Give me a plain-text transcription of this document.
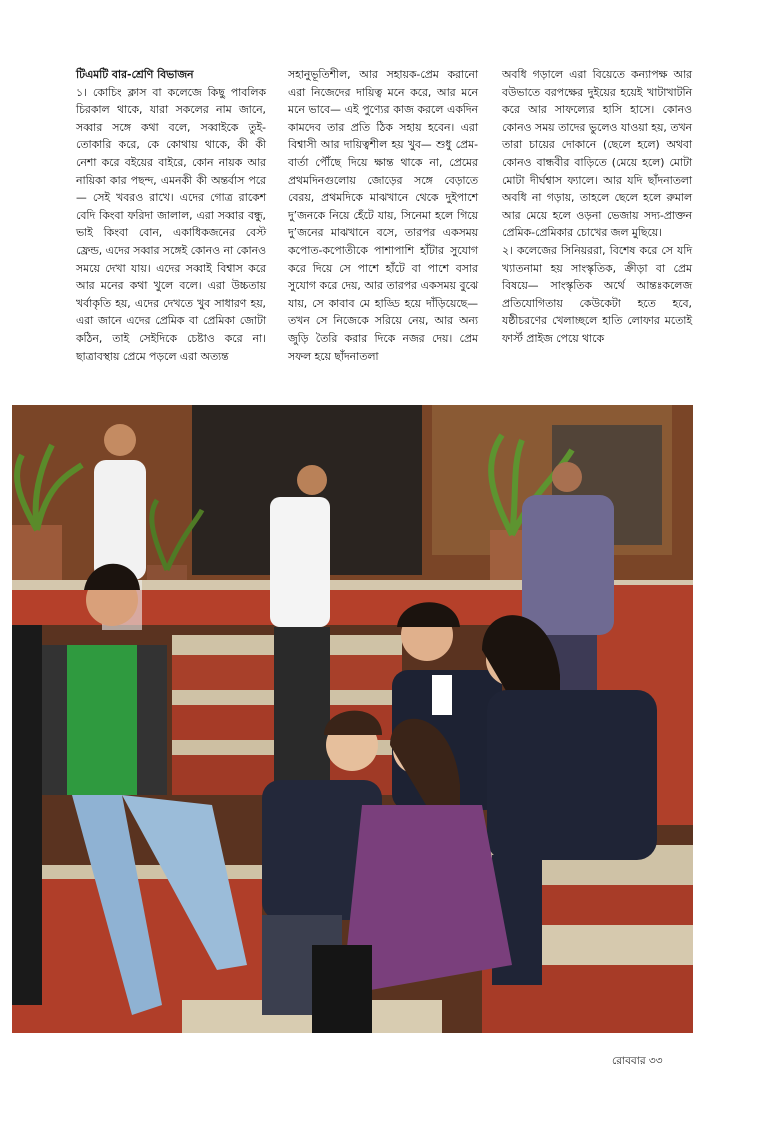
টিএমটি বার-শ্রেণি বিভাজন

১। কোচিং ক্লাস বা কলেজে কিছু পাবলিক চিরকাল থাকে, যারা সকলের নাম জানে, সব্বার সঙ্গে কথা বলে, সব্বাইকে তুই-তোকারি করে, কে কোথায় থাকে, কী কী নেশা করে বইয়ের বাইরে, কোন নায়ক আর নায়িকা কার পছন্দ, এমনকী কী অন্তর্বাস পরে— সেই খবরও রাখে। এদের গোত্র রাকেশ বেদি কিংবা ফরিদা জালাল, এরা সব্বার বন্ধু, ভাই কিংবা বোন, একাধিকজনের বেস্ট ফ্রেন্ড, এদের সব্বার সঙ্গেই কোনও না কোনও সময়ে দেখা যায়। এদের সব্বাই বিশ্বাস করে আর মনের কথা খুলে বলে। এরা উচ্চতায় খর্বাকৃতি হয়, এদের দেখতে খুব সাধারণ হয়, এরা জানে এদের প্রেমিক বা প্রেমিকা জোটা কঠিন, তাই সেইদিকে চেষ্টাও করে না। ছাত্রাবস্থায় প্রেমে পড়লে এরা অত্যন্ত

সহানুভূতিশীল, আর সহায়ক-প্রেম করানো এরা নিজেদের দায়িত্ব মনে করে, আর মনে মনে ভাবে— এই পুণ্যের কাজ করলে একদিন কামদেব তার প্রতি ঠিক সহায় হবেন। এরা বিশ্বাসী আর দায়িত্বশীল হয় খুব— শুধু প্রেম-বার্তা পৌঁছে দিয়ে ক্ষান্ত থাকে না, প্রেমের প্রথমদিনগুলোয় জোড়ের সঙ্গে বেড়াতে বেরয়, প্রথমদিকে মাঝখানে থেকে দুইপাশে দু’জনকে নিয়ে হেঁটে যায়, সিনেমা হলে গিয়ে দু’জনের মাঝখানে বসে, তারপর একসময় কপোত-কপোতীকে পাশাপাশি হাঁটার সুযোগ করে দিয়ে সে পাশে হাঁটে বা পাশে বসার সুযোগ করে দেয়, আর তারপর একসময় বুঝে যায়, সে কাবাব মে হাড্ডি হয়ে দাঁড়িয়েছে— তখন সে নিজেকে সরিয়ে নেয়, আর অন্য জুড়ি তৈরি করার দিকে নজর দেয়। প্রেম সফল হয়ে ছাঁদনাতলা

অবধি গড়ালে এরা বিয়েতে কন্যাপক্ষ আর বউভাতে বরপক্ষের দুইয়ের হয়েই খাটাখাটনি করে আর সাফল্যের হাসি হাসে। কোনও কোনও সময় তাদের ভুলেও যাওয়া হয়, তখন তারা চায়ের দোকানে (ছেলে হলে) অথবা কোনও বান্ধবীর বাড়িতে (মেয়ে হলে) মোটা মোটা দীর্ঘশ্বাস ফ্যালে। আর যদি ছাঁদনাতলা অবধি না গড়ায়, তাহলে ছেলে হলে রুমাল আর মেয়ে হলে ওড়না ভেজায় সদ্য-প্রাক্তন প্রেমিক-প্রেমিকার চোখের জল মুছিয়ে।

২। কলেজের সিনিয়ররা, বিশেষ করে সে যদি খ্যাতনামা হয় সাংস্কৃতিক, ক্রীড়া বা প্রেম বিষয়ে— সাংস্কৃতিক অর্থে আন্তঃকলেজ প্রতিযোগিতায় কেউকেটা হতে হবে, যষ্ঠীচরণের খেলাচ্ছলে হাতি লোফার মতোই ফার্স্ট প্রাইজ পেয়ে থাকে

রোববার ৩৩
